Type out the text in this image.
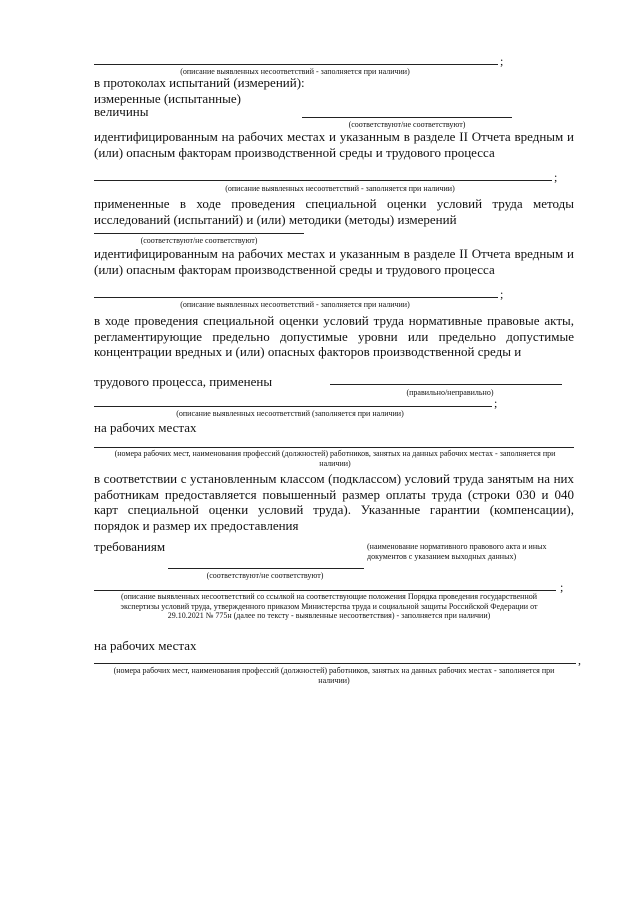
;
(описание выявленных несоответствий - заполняется при наличии)
в протоколах испытаний (измерений):
измеренные (испытанные)
величины
(соответствуют/не соответствуют)
идентифицированным на рабочих местах и указанным в разделе II Отчета вредным и (или) опасным факторам производственной среды и трудового процесса
;
(описание выявленных несоответствий - заполняется при наличии)
примененные в ходе проведения специальной оценки условий труда методы исследований (испытаний) и (или) методики (методы) измерений
(соответствуют/не соответствуют)
идентифицированным на рабочих местах и указанным в разделе II Отчета вредным и (или) опасным факторам производственной среды и трудового процесса
;
(описание выявленных несоответствий - заполняется при наличии)
в ходе проведения специальной оценки условий труда нормативные правовые акты, регламентирующие предельно допустимые уровни или предельно допустимые концентрации вредных и (или) опасных факторов производственной среды и
трудового процесса, применены
(правильно/неправильно)
;
(описание выявленных несоответствий (заполняется при наличии)
на рабочих местах
(номера рабочих мест, наименования профессий (должностей) работников, занятых на данных рабочих местах - заполняется при наличии)
в соответствии с установленным классом (подклассом) условий труда занятым на них работникам предоставляется повышенный размер оплаты труда (строки 030 и 040 карт специальной оценки условий труда). Указанные гарантии (компенсации), порядок и размер их предоставления
требованиям	(наименование нормативного правового акта и иных документов с указанием выходных данных)
(соответствуют/не соответствуют)
;
(описание выявленных несоответствий со ссылкой на соответствующие положения Порядка проведения государственной экспертизы условий труда, утвержденного приказом Министерства труда и социальной защиты Российской Федерации от 29.10.2021 № 775н (далее по тексту - выявленные несоответствия) - заполняется при наличии)
на рабочих местах
,
(номера рабочих мест, наименования профессий (должностей) работников, занятых на данных рабочих местах - заполняется при наличии)
